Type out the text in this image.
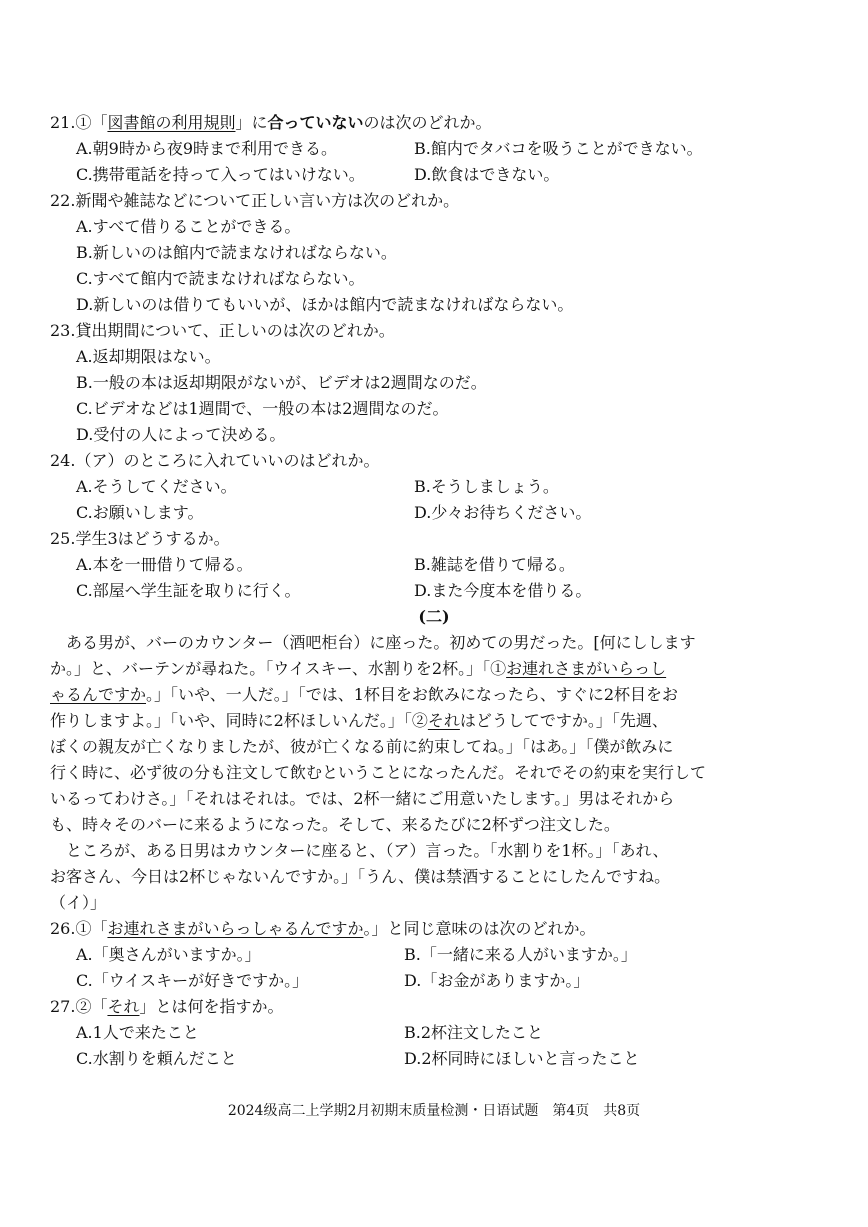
21.①「図書館の利用規則」に合っていないのは次のどれか。
A.朝9時から夜9時まで利用できる。	B.館内でタバコを吸うことができない。
C.携帯電話を持って入ってはいけない。	D.飲食はできない。
22.新聞や雑誌などについて正しい言い方は次のどれか。
A.すべて借りることができる。
B.新しいのは館内で読まなければならない。
C.すべて館内で読まなければならない。
D.新しいのは借りてもいいが、ほかは館内で読まなければならない。
23.貸出期間について、正しいのは次のどれか。
A.返却期限はない。
B.一般の本は返却期限がないが、ビデオは2週間なのだ。
C.ビデオなどは1週間で、一般の本は2週間なのだ。
D.受付の人によって決める。
24.（ア）のところに入れていいのはどれか。
A.そうしてください。	B.そうしましょう。
C.お願いします。	D.少々お待ちください。
25.学生3はどうするか。
A.本を一冊借りて帰る。	B.雑誌を借りて帰る。
C.部屋へ学生証を取りに行く。	D.また今度本を借りる。
(二)
ある男が、バーのカウンター（酒吧柜台）に座った。初めての男だった。[何にしします
か。」と、バーテンが尋ねた。「ウイスキー、水割りを2杯。」「①お連れさまがいらっし
ゃるんですか。」「いや、一人だ。」「では、1杯目をお飲みになったら、すぐに2杯目をお
作りしますよ。」「いや、同時に2杯ほしいんだ。」「②それはどうしてですか。」「先週、
ぼくの親友が亡くなりましたが、彼が亡くなる前に約束してね。」「はあ。」「僕が飲みに
行く時に、必ず彼の分も注文して飲むということになったんだ。それでその約束を実行して
いるってわけさ。」「それはそれは。では、2杯一緒にご用意いたします。」男はそれから
も、時々そのバーに来るようになった。そして、来るたびに2杯ずつ注文した。
ところが、ある日男はカウンターに座ると、（ア）言った。「水割りを1杯。」「あれ、
お客さん、今日は2杯じゃないんですか。」「うん、僕は禁酒することにしたんですね。
（イ）」
26.①「お連れさまがいらっしゃるんですか。」と同じ意味のは次のどれか。
A.「奥さんがいますか。」	B.「一緒に来る人がいますか。」
C.「ウイスキーが好きですか。」	D.「お金がありますか。」
27.②「それ」とは何を指すか。
A.1人で来たこと	B.2杯注文したこと
C.水割りを頼んだこと	D.2杯同時にほしいと言ったこと
2024级高二上学期2月初期末质量检测・日语试题　第4页　共8页
